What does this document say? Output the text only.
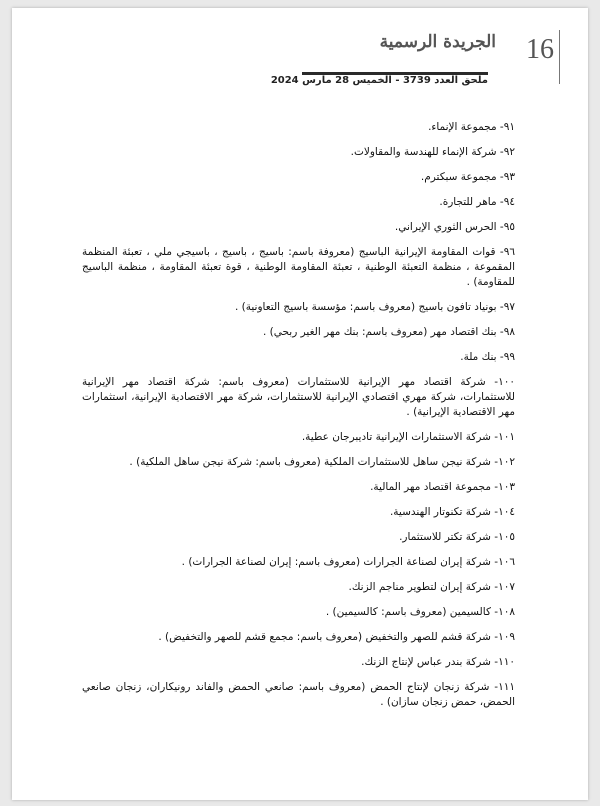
16
الجريدة الرسمية
ملحق العدد 3739 - الخميس 28 مارس 2024

٩١- مجموعة الإنماء.

٩٢- شركة الإنماء للهندسة والمقاولات.

٩٣- مجموعة سبكترم.

٩٤- ماهر للتجارة.

٩٥- الحرس الثوري الإيراني.

٩٦- قوات المقاومة الإيرانية الباسيج (معروفة باسم: باسيج ، باسيج ، باسيجي ملي ، تعبئة المنظمة المقموعة ، منظمة التعبئة الوطنية ، تعبئة المقاومة الوطنية ، قوة تعبئة المقاومة ، منظمة الباسيج للمقاومة) .

٩٧- بونياد تافون باسيج (معروف باسم: مؤسسة باسيج التعاونية) .

٩٨- بنك اقتصاد مهر (معروف باسم: بنك مهر الغير ربحي) .

٩٩- بنك ملة.

١٠٠- شركة اقتصاد مهر الإيرانية للاستثمارات (معروف باسم: شركة اقتصاد مهر الإيرانية للاستثمارات، شركة مهري اقتصادي الإيرانية للاستثمارات، شركة مهر الاقتصادية الإيرانية، استثمارات مهر الاقتصادية الإيرانية) .

١٠١- شركة الاستثمارات الإيرانية تاديبرجان عطية.

١٠٢- شركة نيجن ساهل للاستثمارات الملكية (معروف باسم: شركة نيجن ساهل الملكية) .

١٠٣- مجموعة اقتصاد مهر المالية.

١٠٤- شركة تكنوتار الهندسية.

١٠٥- شركة تكتر للاستثمار.

١٠٦- شركة إيران لصناعة الجرارات (معروف باسم: إيران لصناعة الجرارات) .

١٠٧- شركة إيران لتطوير مناجم الزنك.

١٠٨- كالسيمين (معروف باسم: كالسيمين) .

١٠٩- شركة قشم للصهر والتخفيض (معروف باسم: مجمع قشم للصهر والتخفيض) .

١١٠- شركة بندر عباس لإنتاج الزنك.

١١١- شركة زنجان لإنتاج الحمض (معروف باسم: صانعي الحمض والفاند رونيكاران، زنجان صانعي الحمض، حمض زنجان سازان) .
